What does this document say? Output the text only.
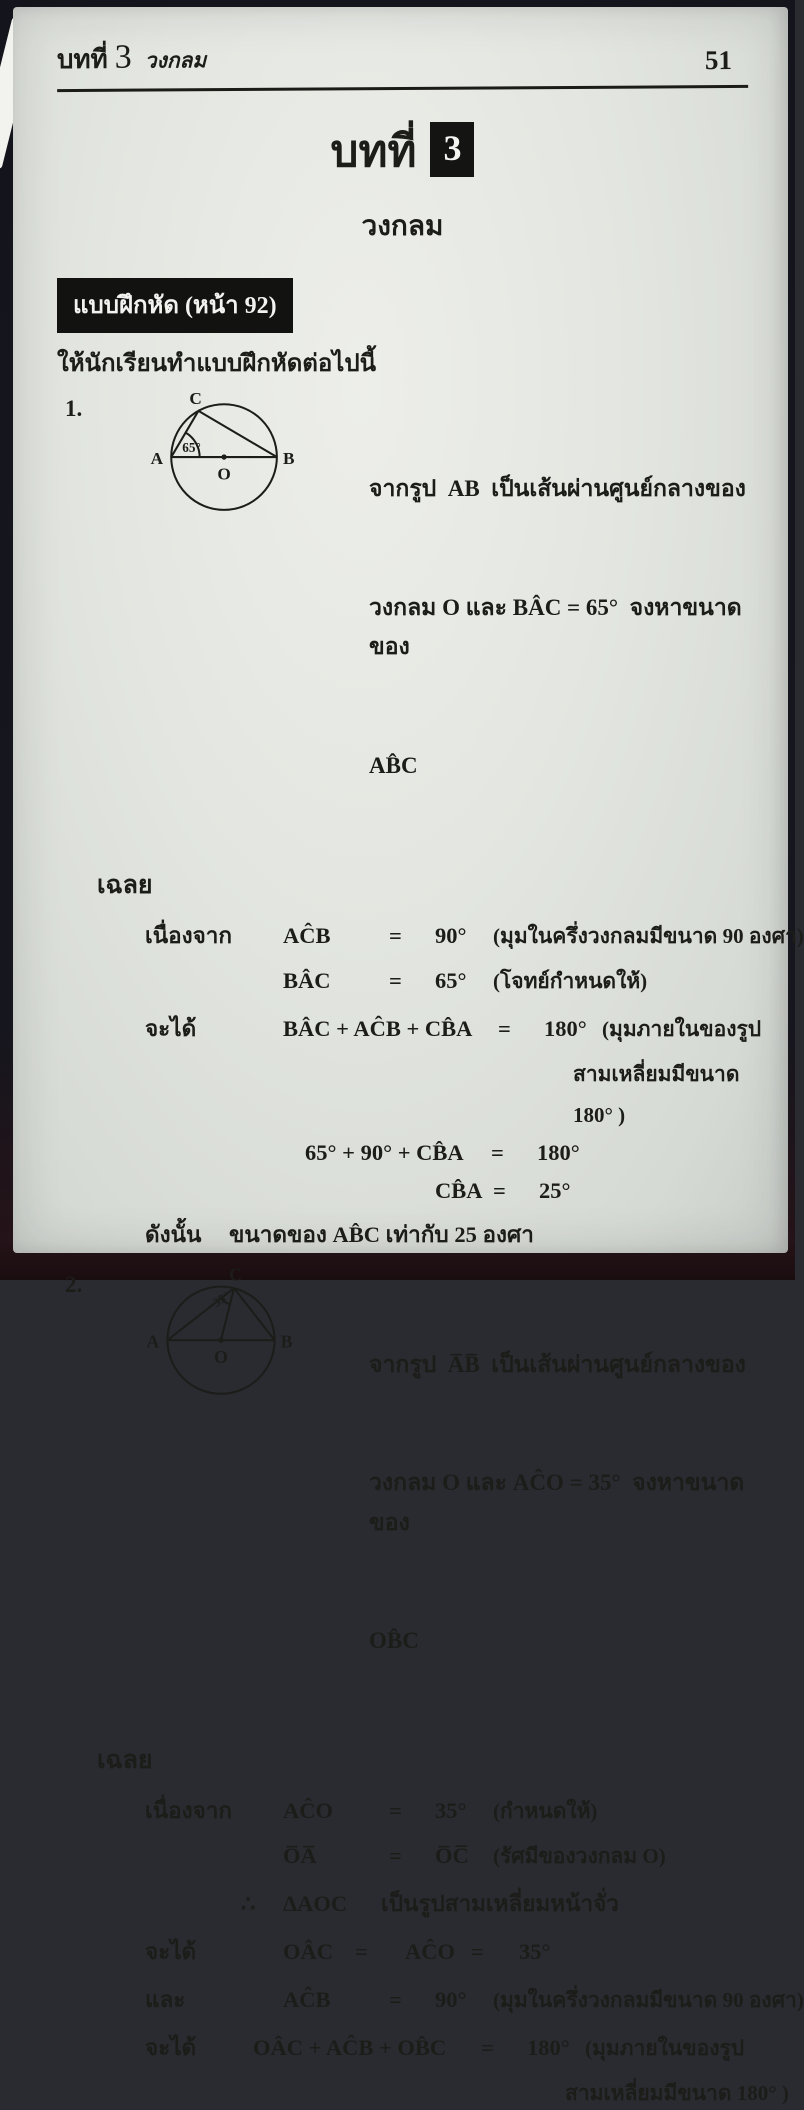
บทที่ 3 วงกลม	51
บทที่ 3
วงกลม
แบบฝึกหัด (หน้า 92)
ให้นักเรียนทำแบบฝึกหัดต่อไปนี้
1.	C
A	B
O
65°

จากรูป  AB  เป็นเส้นผ่านศูนย์กลางของ

วงกลม O และ BÂC = 65°  จงหาขนาดของ

AB̂C

เฉลย
เนื่องจาก	AĈB	=	90°	(มุมในครึ่งวงกลมมีขนาด 90 องศา)
BÂC	=	65°	(โจทย์กำหนดให้)
จะได้	BÂC + AĈB + CB̂A	=	180° (มุมภายในของรูป
สามเหลี่ยมมีขนาด
180° )
65° + 90° + CB̂A	=	180°
CB̂A =	25°
ดังนั้น	ขนาดของ AB̂C เท่ากับ 25 องศา
2.	C
A	B
O
35°

จากรูป  A̅B̅  เป็นเส้นผ่านศูนย์กลางของ

วงกลม O และ AĈO = 35°  จงหาขนาดของ

OB̂C

เฉลย
เนื่องจาก	AĈO	=	35°	(กำหนดให้)
O̅A̅	=	O̅C̅	(รัศมีของวงกลม O)
∴	ΔAOC	เป็นรูปสามเหลี่ยมหน้าจั่ว
จะได้	OÂC =	AĈO =	35°
และ	AĈB	=	90°	(มุมในครึ่งวงกลมมีขนาด 90 องศา)
จะได้	OÂC + AĈB + OB̂C	=	180° (มุมภายในของรูป
สามเหลี่ยมมีขนาด 180° )
